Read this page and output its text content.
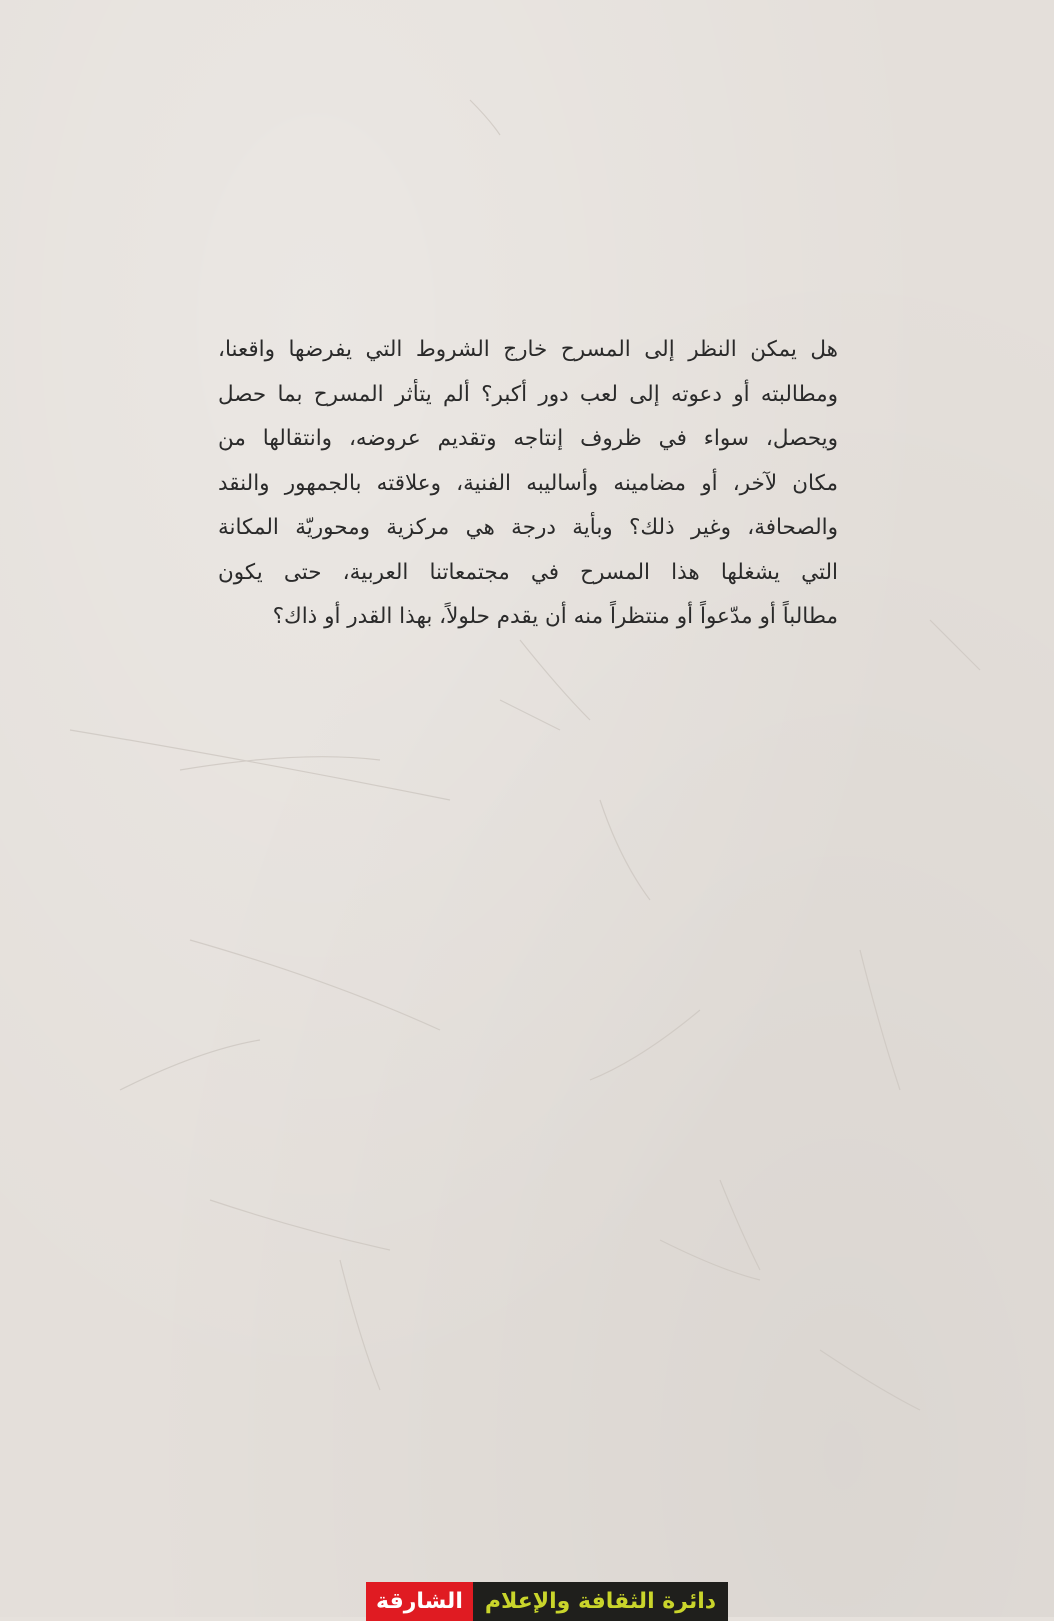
هل يمكن النظر إلى المسرح خارج الشروط التي يفرضها واقعنا،
ومطالبته أو دعوته إلى لعب دور أكبر؟ ألم يتأثر المسرح بما حصل
ويحصل، سواء في ظروف إنتاجه وتقديم عروضه، وانتقالها من
مكان لآخر، أو مضامينه وأساليبه الفنية، وعلاقته بالجمهور والنقد
والصحافة، وغير ذلك؟ وبأية درجة هي مركزية ومحوريّة المكانة
التي يشغلها هذا المسرح في مجتمعاتنا العربية، حتى يكون
مطالباً أو مدّعواً أو منتظراً منه أن يقدم حلولاً، بهذا القدر أو ذاك؟
الشارقة	دائرة الثقافة والإعلام
